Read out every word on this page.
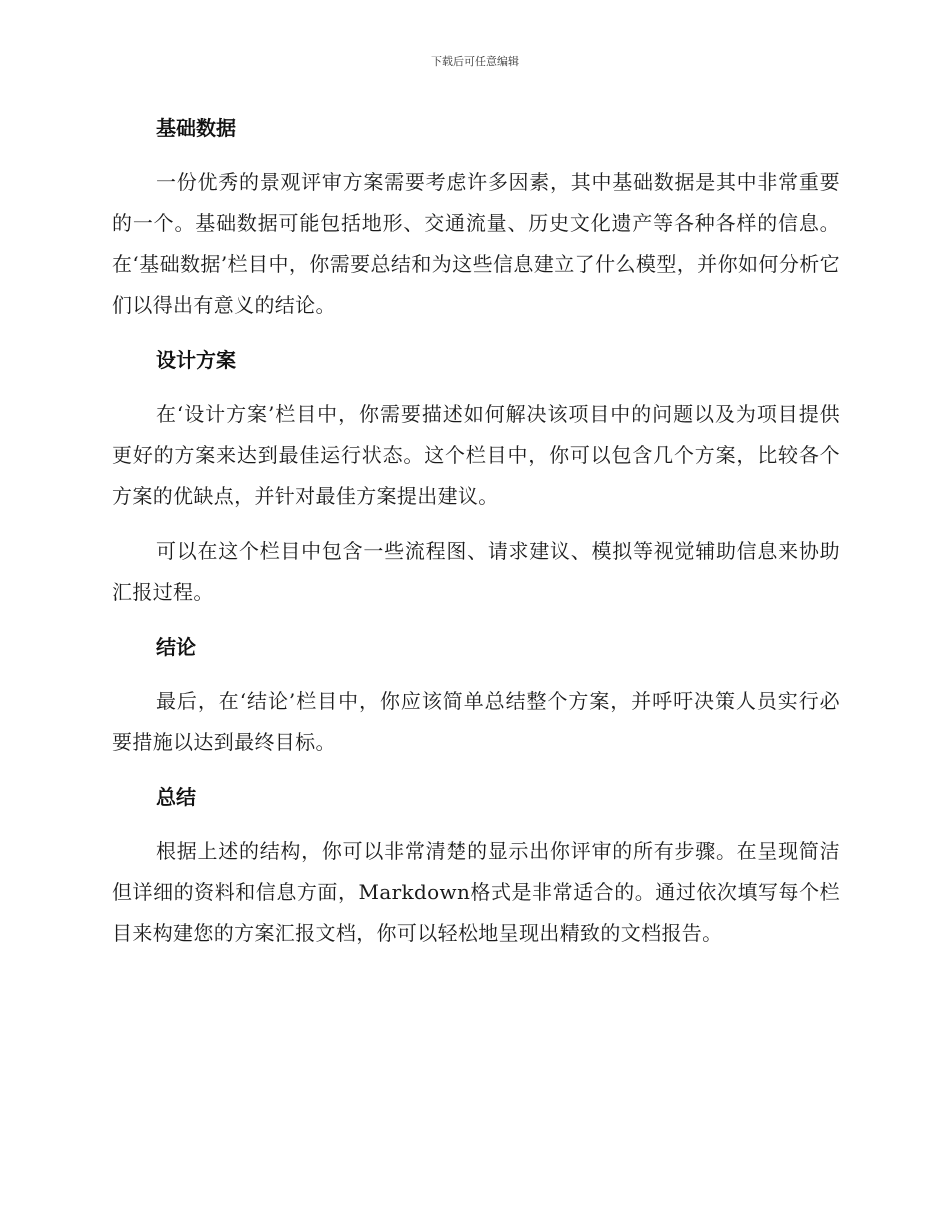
下载后可任意编辑
基础数据

一份优秀的景观评审方案需要考虑许多因素，其中基础数据是其中非常重要的一个。基础数据可能包括地形、交通流量、历史文化遗产等各种各样的信息。在‘基础数据’栏目中，你需要总结和为这些信息建立了什么模型，并你如何分析它们以得出有意义的结论。

设计方案

在‘设计方案’栏目中，你需要描述如何解决该项目中的问题以及为项目提供更好的方案来达到最佳运行状态。这个栏目中，你可以包含几个方案，比较各个方案的优缺点，并针对最佳方案提出建议。

可以在这个栏目中包含一些流程图、请求建议、模拟等视觉辅助信息来协助汇报过程。

结论

最后，在‘结论’栏目中，你应该简单总结整个方案，并呼吁决策人员实行必要措施以达到最终目标。

总结

根据上述的结构，你可以非常清楚的显示出你评审的所有步骤。在呈现简洁但详细的资料和信息方面，Markdown格式是非常适合的。通过依次填写每个栏目来构建您的方案汇报文档，你可以轻松地呈现出精致的文档报告。
